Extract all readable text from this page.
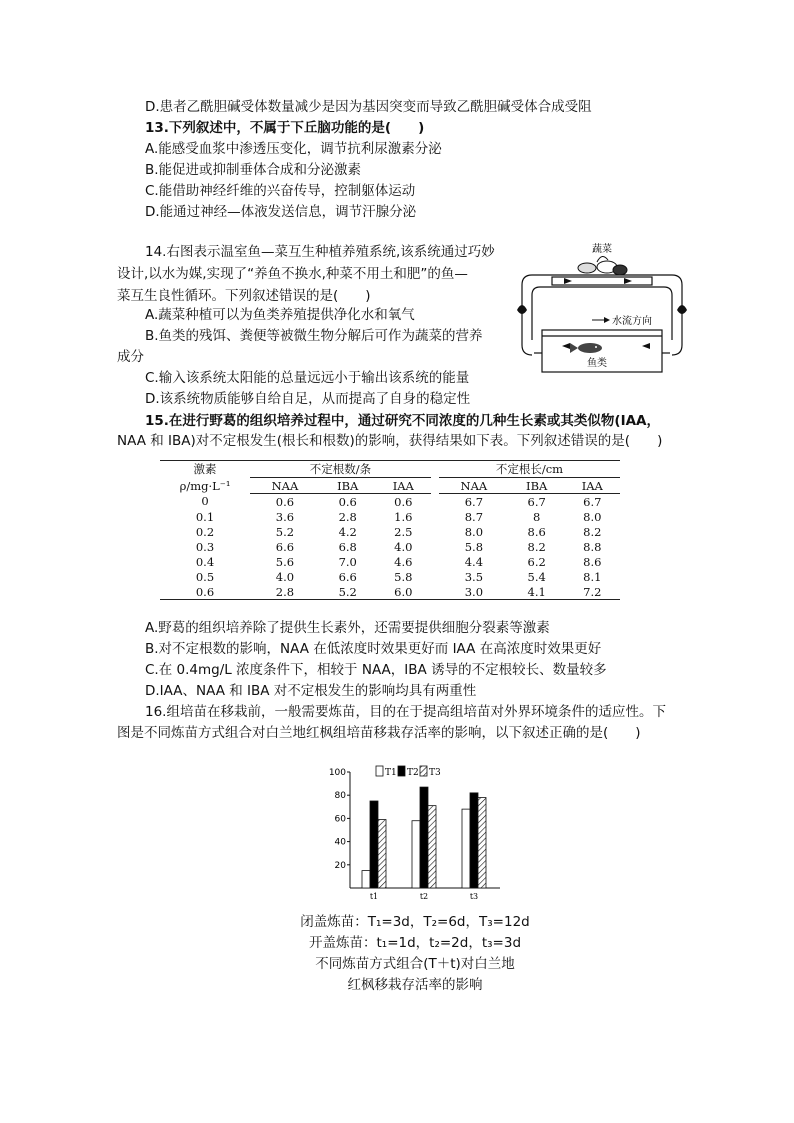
D.患者乙酰胆碱受体数量减少是因为基因突变而导致乙酰胆碱受体合成受阻
13.下列叙述中，不属于下丘脑功能的是(　　)
A.能感受血浆中渗透压变化，调节抗利尿激素分泌
B.能促进或抑制垂体合成和分泌激素
C.能借助神经纤维的兴奋传导，控制躯体运动
D.能通过神经—体液发送信息，调节汗腺分泌
14.右图表示温室鱼—菜互生种植养殖系统,该系统通过巧妙
设计,以水为媒,实现了“养鱼不换水,种菜不用土和肥”的鱼—
菜互生良性循环。下列叙述错误的是(　　)
A.蔬菜种植可以为鱼类养殖提供净化水和氧气
B.鱼类的残饵、粪便等被微生物分解后可作为蔬菜的营养
成分
C.输入该系统太阳能的总量远远小于输出该系统的能量
D.该系统物质能够自给自足，从而提高了自身的稳定性
水流方向
蔬菜
鱼类
15.在进行野葛的组织培养过程中，通过研究不同浓度的几种生长素或其类似物(IAA，
NAA 和 IBA)对不定根发生(根长和根数)的影响，获得结果如下表。下列叙述错误的是(　　)
激素	不定根数/条				不定根长/cm		
ρ/mg·L⁻¹	NAA	IBA	IAA		NAA	IBA	IAA
0	0.6	0.6	0.6		6.7	6.7	6.7
0.1	3.6	2.8	1.6		8.7	8	8.0
0.2	5.2	4.2	2.5		8.0	8.6	8.2
0.3	6.6	6.8	4.0		5.8	8.2	8.8
0.4	5.6	7.0	4.6		4.4	6.2	8.6
0.5	4.0	6.6	5.8		3.5	5.4	8.1
0.6	2.8	5.2	6.0		3.0	4.1	7.2
A.野葛的组织培养除了提供生长素外，还需要提供细胞分裂素等激素
B.对不定根数的影响，NAA 在低浓度时效果更好而 IAA 在高浓度时效果更好
C.在 0.4mg/L 浓度条件下，相较于 NAA，IBA 诱导的不定根较长、数量较多
D.IAA、NAA 和 IBA 对不定根发生的影响均具有两重性
16.组培苗在移栽前，一般需要炼苗，目的在于提高组培苗对外界环境条件的适应性。下
图是不同炼苗方式组合对白兰地红枫组培苗移栽存活率的影响，以下叙述正确的是(　　)
20
40
60
80
100
t1	t2	t3
T1 T2 T3
闭盖炼苗：T₁=3d，T₂=6d，T₃=12d
开盖炼苗：t₁=1d，t₂=2d，t₃=3d
不同炼苗方式组合(T＋t)对白兰地
红枫移栽存活率的影响
